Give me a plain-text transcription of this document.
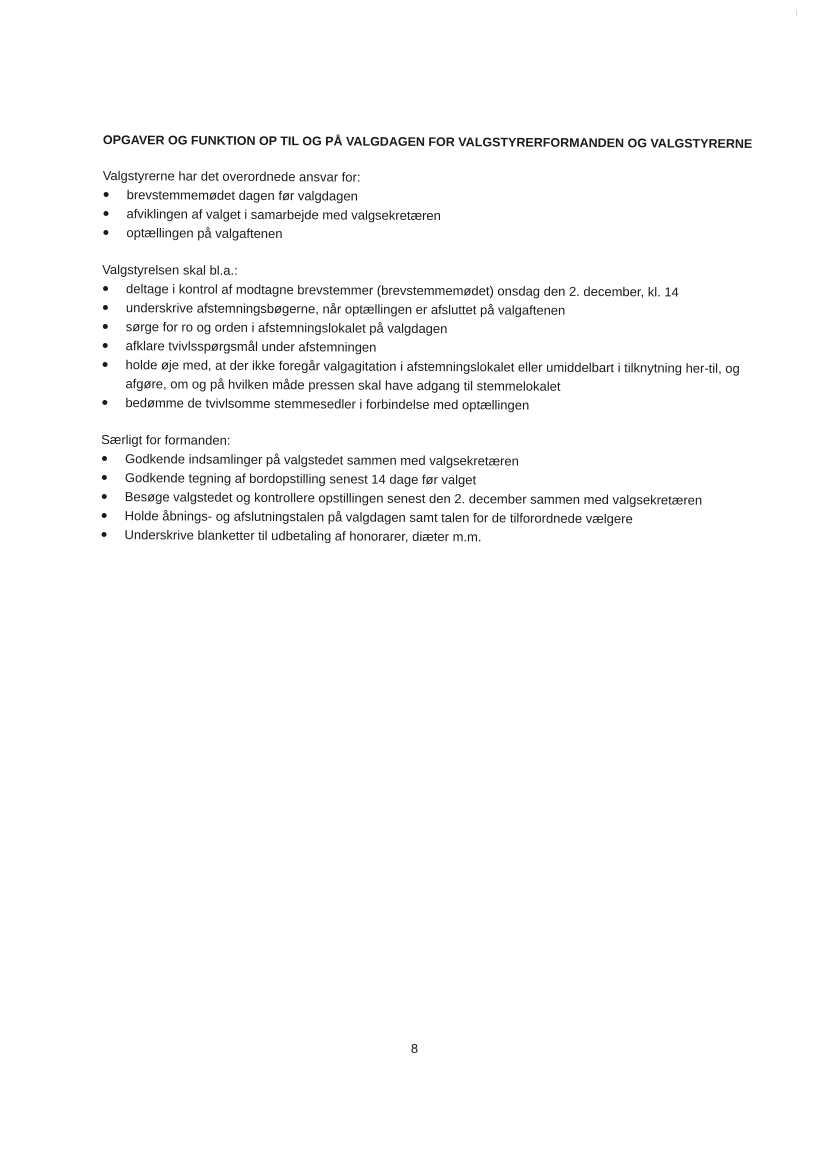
OPGAVER OG FUNKTION OP TIL OG PÅ VALGDAGEN FOR VALGSTYRERFORMANDEN OG VALGSTYRERNE

Valgstyrerne har det overordnede ansvar for:

brevstemmemødet dagen før valgdagen
afviklingen af valget i samarbejde med valgsekretæren
optællingen på valgaftenen

Valgstyrelsen skal bl.a.:

deltage i kontrol af modtagne brevstemmer (brevstemmemødet) onsdag den 2. december, kl. 14
underskrive afstemningsbøgerne, når optællingen er afsluttet på valgaftenen
sørge for ro og orden i afstemningslokalet på valgdagen
afklare tvivlsspørgsmål under afstemningen
holde øje med, at der ikke foregår valgagitation i afstemningslokalet eller umiddelbart i tilknytning her-til, og afgøre, om og på hvilken måde pressen skal have adgang til stemmelokalet
bedømme de tvivlsomme stemmesedler i forbindelse med optællingen

Særligt for formanden:

Godkende indsamlinger på valgstedet sammen med valgsekretæren
Godkende tegning af bordopstilling senest 14 dage før valget
Besøge valgstedet og kontrollere opstillingen senest den 2. december sammen med valgsekretæren
Holde åbnings- og afslutningstalen på valgdagen samt talen for de tilforordnede vælgere
Underskrive blanketter til udbetaling af honorarer, diæter m.m.
8
